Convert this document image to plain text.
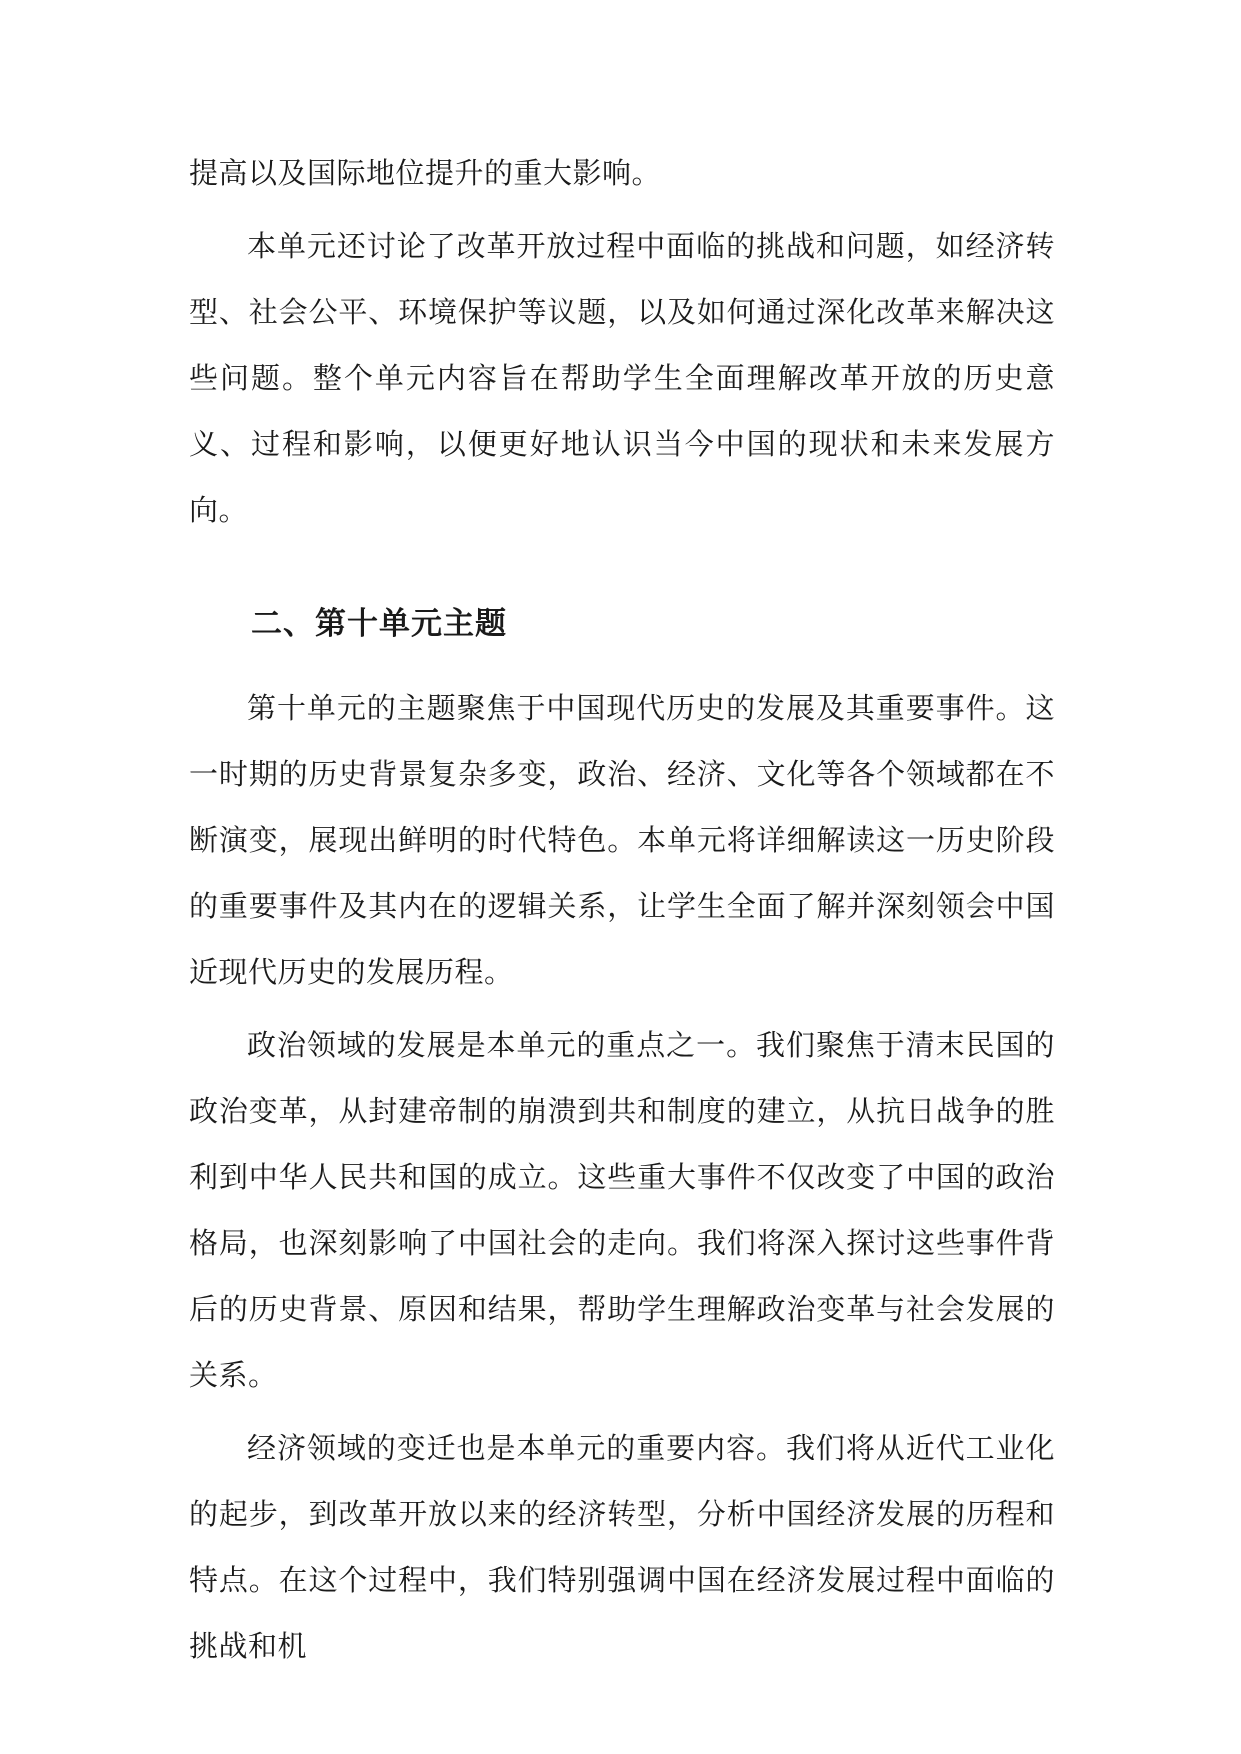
提高以及国际地位提升的重大影响。

本单元还讨论了改革开放过程中面临的挑战和问题，如经济转型、社会公平、环境保护等议题，以及如何通过深化改革来解决这些问题。整个单元内容旨在帮助学生全面理解改革开放的历史意义、过程和影响，以便更好地认识当今中国的现状和未来发展方向。

二、第十单元主题

第十单元的主题聚焦于中国现代历史的发展及其重要事件。这一时期的历史背景复杂多变，政治、经济、文化等各个领域都在不断演变，展现出鲜明的时代特色。本单元将详细解读这一历史阶段的重要事件及其内在的逻辑关系，让学生全面了解并深刻领会中国近现代历史的发展历程。

政治领域的发展是本单元的重点之一。我们聚焦于清末民国的政治变革，从封建帝制的崩溃到共和制度的建立，从抗日战争的胜利到中华人民共和国的成立。这些重大事件不仅改变了中国的政治格局，也深刻影响了中国社会的走向。我们将深入探讨这些事件背后的历史背景、原因和结果，帮助学生理解政治变革与社会发展的关系。

经济领域的变迁也是本单元的重要内容。我们将从近代工业化的起步，到改革开放以来的经济转型，分析中国经济发展的历程和特点。在这个过程中，我们特别强调中国在经济发展过程中面临的挑战和机
